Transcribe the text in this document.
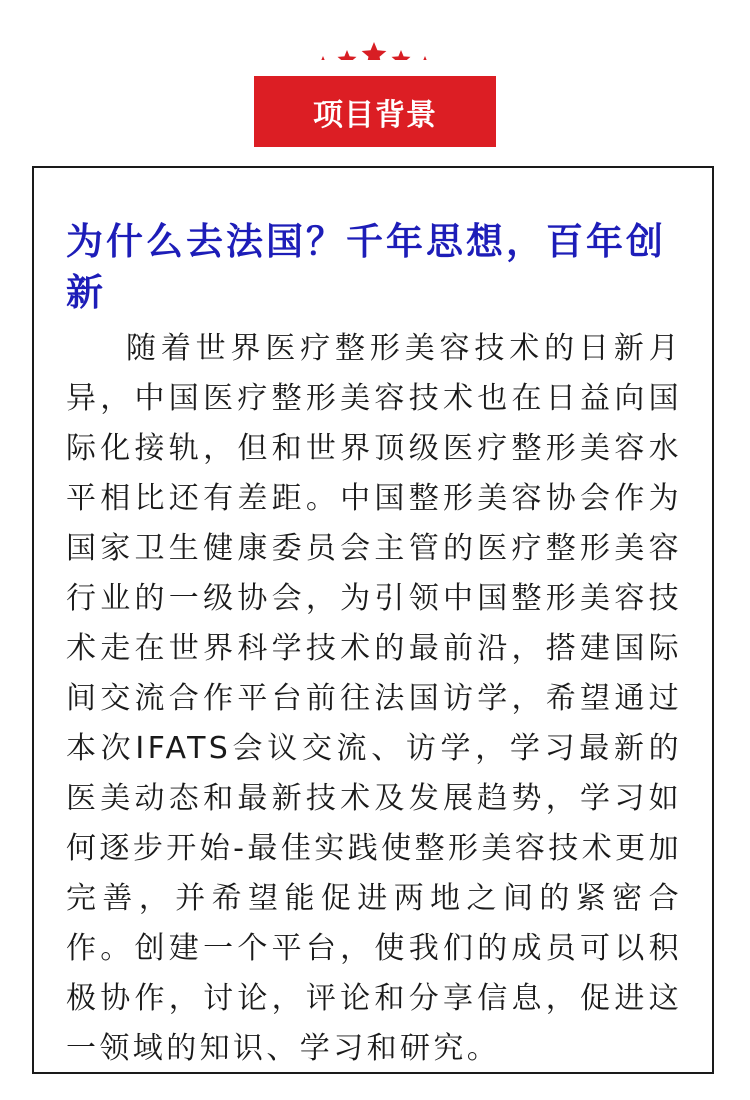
项目背景
为什么去法国？千年思想，百年创新

随着世界医疗整形美容技术的日新月异，中国医疗整形美容技术也在日益向国际化接轨，但和世界顶级医疗整形美容水平相比还有差距。中国整形美容协会作为国家卫生健康委员会主管的医疗整形美容行业的一级协会，为引领中国整形美容技术走在世界科学技术的最前沿，搭建国际间交流合作平台前往法国访学，希望通过本次IFATS会议交流、访学，学习最新的医美动态和最新技术及发展趋势，学习如何逐步开始-最佳实践使整形美容技术更加完善，并希望能促进两地之间的紧密合作。创建一个平台，使我们的成员可以积极协作，讨论，评论和分享信息，促进这一领域的知识、学习和研究。
